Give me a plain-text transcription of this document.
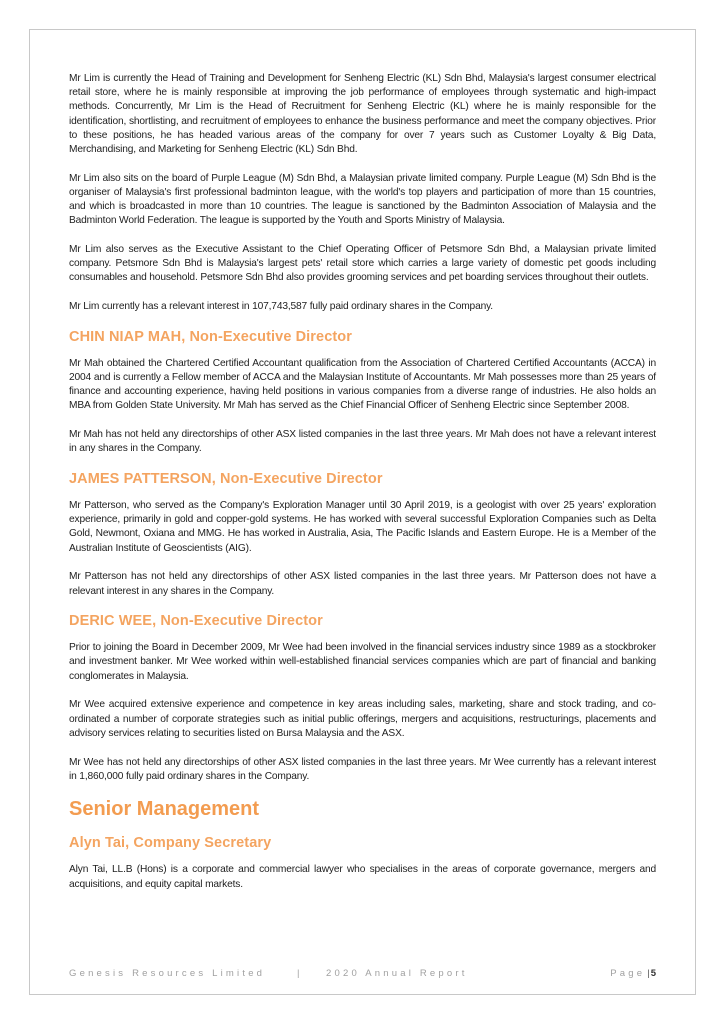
Mr Lim is currently the Head of Training and Development for Senheng Electric (KL) Sdn Bhd, Malaysia's largest consumer electrical retail store, where he is mainly responsible at improving the job performance of employees through systematic and high-impact methods. Concurrently, Mr Lim is the Head of Recruitment for Senheng Electric (KL) where he is mainly responsible for the identification, shortlisting, and recruitment of employees to enhance the business performance and meet the company objectives. Prior to these positions, he has headed various areas of the company for over 7 years such as Customer Loyalty & Big Data, Merchandising, and Marketing for Senheng Electric (KL) Sdn Bhd.

Mr Lim also sits on the board of Purple League (M) Sdn Bhd, a Malaysian private limited company. Purple League (M) Sdn Bhd is the organiser of Malaysia's first professional badminton league, with the world's top players and participation of more than 15 countries, and which is broadcasted in more than 10 countries. The league is sanctioned by the Badminton Association of Malaysia and the Badminton World Federation. The league is supported by the Youth and Sports Ministry of Malaysia.

Mr Lim also serves as the Executive Assistant to the Chief Operating Officer of Petsmore Sdn Bhd, a Malaysian private limited company. Petsmore Sdn Bhd is Malaysia's largest pets' retail store which carries a large variety of domestic pet goods including consumables and household. Petsmore Sdn Bhd also provides grooming services and pet boarding services throughout their outlets.

Mr Lim currently has a relevant interest in 107,743,587 fully paid ordinary shares in the Company.

CHIN NIAP MAH, Non-Executive Director

Mr Mah obtained the Chartered Certified Accountant qualification from the Association of Chartered Certified Accountants (ACCA) in 2004 and is currently a Fellow member of ACCA and the Malaysian Institute of Accountants. Mr Mah possesses more than 25 years of finance and accounting experience, having held positions in various companies from a diverse range of industries. He also holds an MBA from Golden State University. Mr Mah has served as the Chief Financial Officer of Senheng Electric since September 2008.

Mr Mah has not held any directorships of other ASX listed companies in the last three years. Mr Mah does not have a relevant interest in any shares in the Company.

JAMES PATTERSON, Non-Executive Director

Mr Patterson, who served as the Company's Exploration Manager until 30 April 2019, is a geologist with over 25 years' exploration experience, primarily in gold and copper-gold systems. He has worked with several successful Exploration Companies such as Delta Gold, Newmont, Oxiana and MMG. He has worked in Australia, Asia, The Pacific Islands and Eastern Europe. He is a Member of the Australian Institute of Geoscientists (AIG).

Mr Patterson has not held any directorships of other ASX listed companies in the last three years. Mr Patterson does not have a relevant interest in any shares in the Company.

DERIC WEE, Non-Executive Director

Prior to joining the Board in December 2009, Mr Wee had been involved in the financial services industry since 1989 as a stockbroker and investment banker. Mr Wee worked within well-established financial services companies which are part of financial and banking conglomerates in Malaysia.

Mr Wee acquired extensive experience and competence in key areas including sales, marketing, share and stock trading, and co-ordinated a number of corporate strategies such as initial public offerings, mergers and acquisitions, restructurings, placements and advisory services relating to securities listed on Bursa Malaysia and the ASX.

Mr Wee has not held any directorships of other ASX listed companies in the last three years. Mr Wee currently has a relevant interest in 1,860,000 fully paid ordinary shares in the Company.

Senior Management
Alyn Tai, Company Secretary

Alyn Tai, LL.B (Hons) is a corporate and commercial lawyer who specialises in the areas of corporate governance, mergers and acquisitions, and equity capital markets.

Genesis Resources Limited	|	2020 Annual Report	Page |5
